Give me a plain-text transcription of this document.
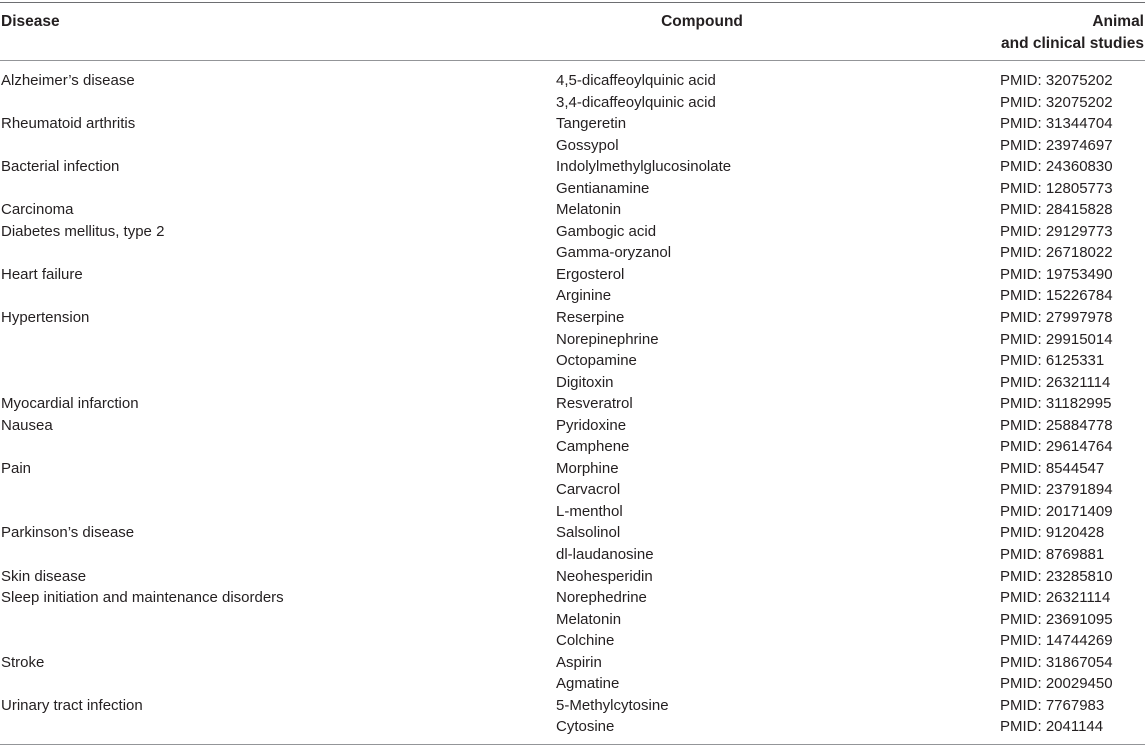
Disease	Compound	Animal
and clinical studies
Alzheimer’s disease	4,5-dicaffeoylquinic acid	PMID: 32075202
3,4-dicaffeoylquinic acid	PMID: 32075202
Rheumatoid arthritis	Tangeretin	PMID: 31344704
Gossypol	PMID: 23974697
Bacterial infection	Indolylmethylglucosinolate	PMID: 24360830
Gentianamine	PMID: 12805773
Carcinoma	Melatonin	PMID: 28415828
Diabetes mellitus, type 2	Gambogic acid	PMID: 29129773
Gamma-oryzanol	PMID: 26718022
Heart failure	Ergosterol	PMID: 19753490
Arginine	PMID: 15226784
Hypertension	Reserpine	PMID: 27997978
Norepinephrine	PMID: 29915014
Octopamine	PMID: 6125331
Digitoxin	PMID: 26321114
Myocardial infarction	Resveratrol	PMID: 31182995
Nausea	Pyridoxine	PMID: 25884778
Camphene	PMID: 29614764
Pain	Morphine	PMID: 8544547
Carvacrol	PMID: 23791894
L-menthol	PMID: 20171409
Parkinson’s disease	Salsolinol	PMID: 9120428
dl-laudanosine	PMID: 8769881
Skin disease	Neohesperidin	PMID: 23285810
Sleep initiation and maintenance disorders	Norephedrine	PMID: 26321114
Melatonin	PMID: 23691095
Colchine	PMID: 14744269
Stroke	Aspirin	PMID: 31867054
Agmatine	PMID: 20029450
Urinary tract infection	5-Methylcytosine	PMID: 7767983
Cytosine	PMID: 2041144
